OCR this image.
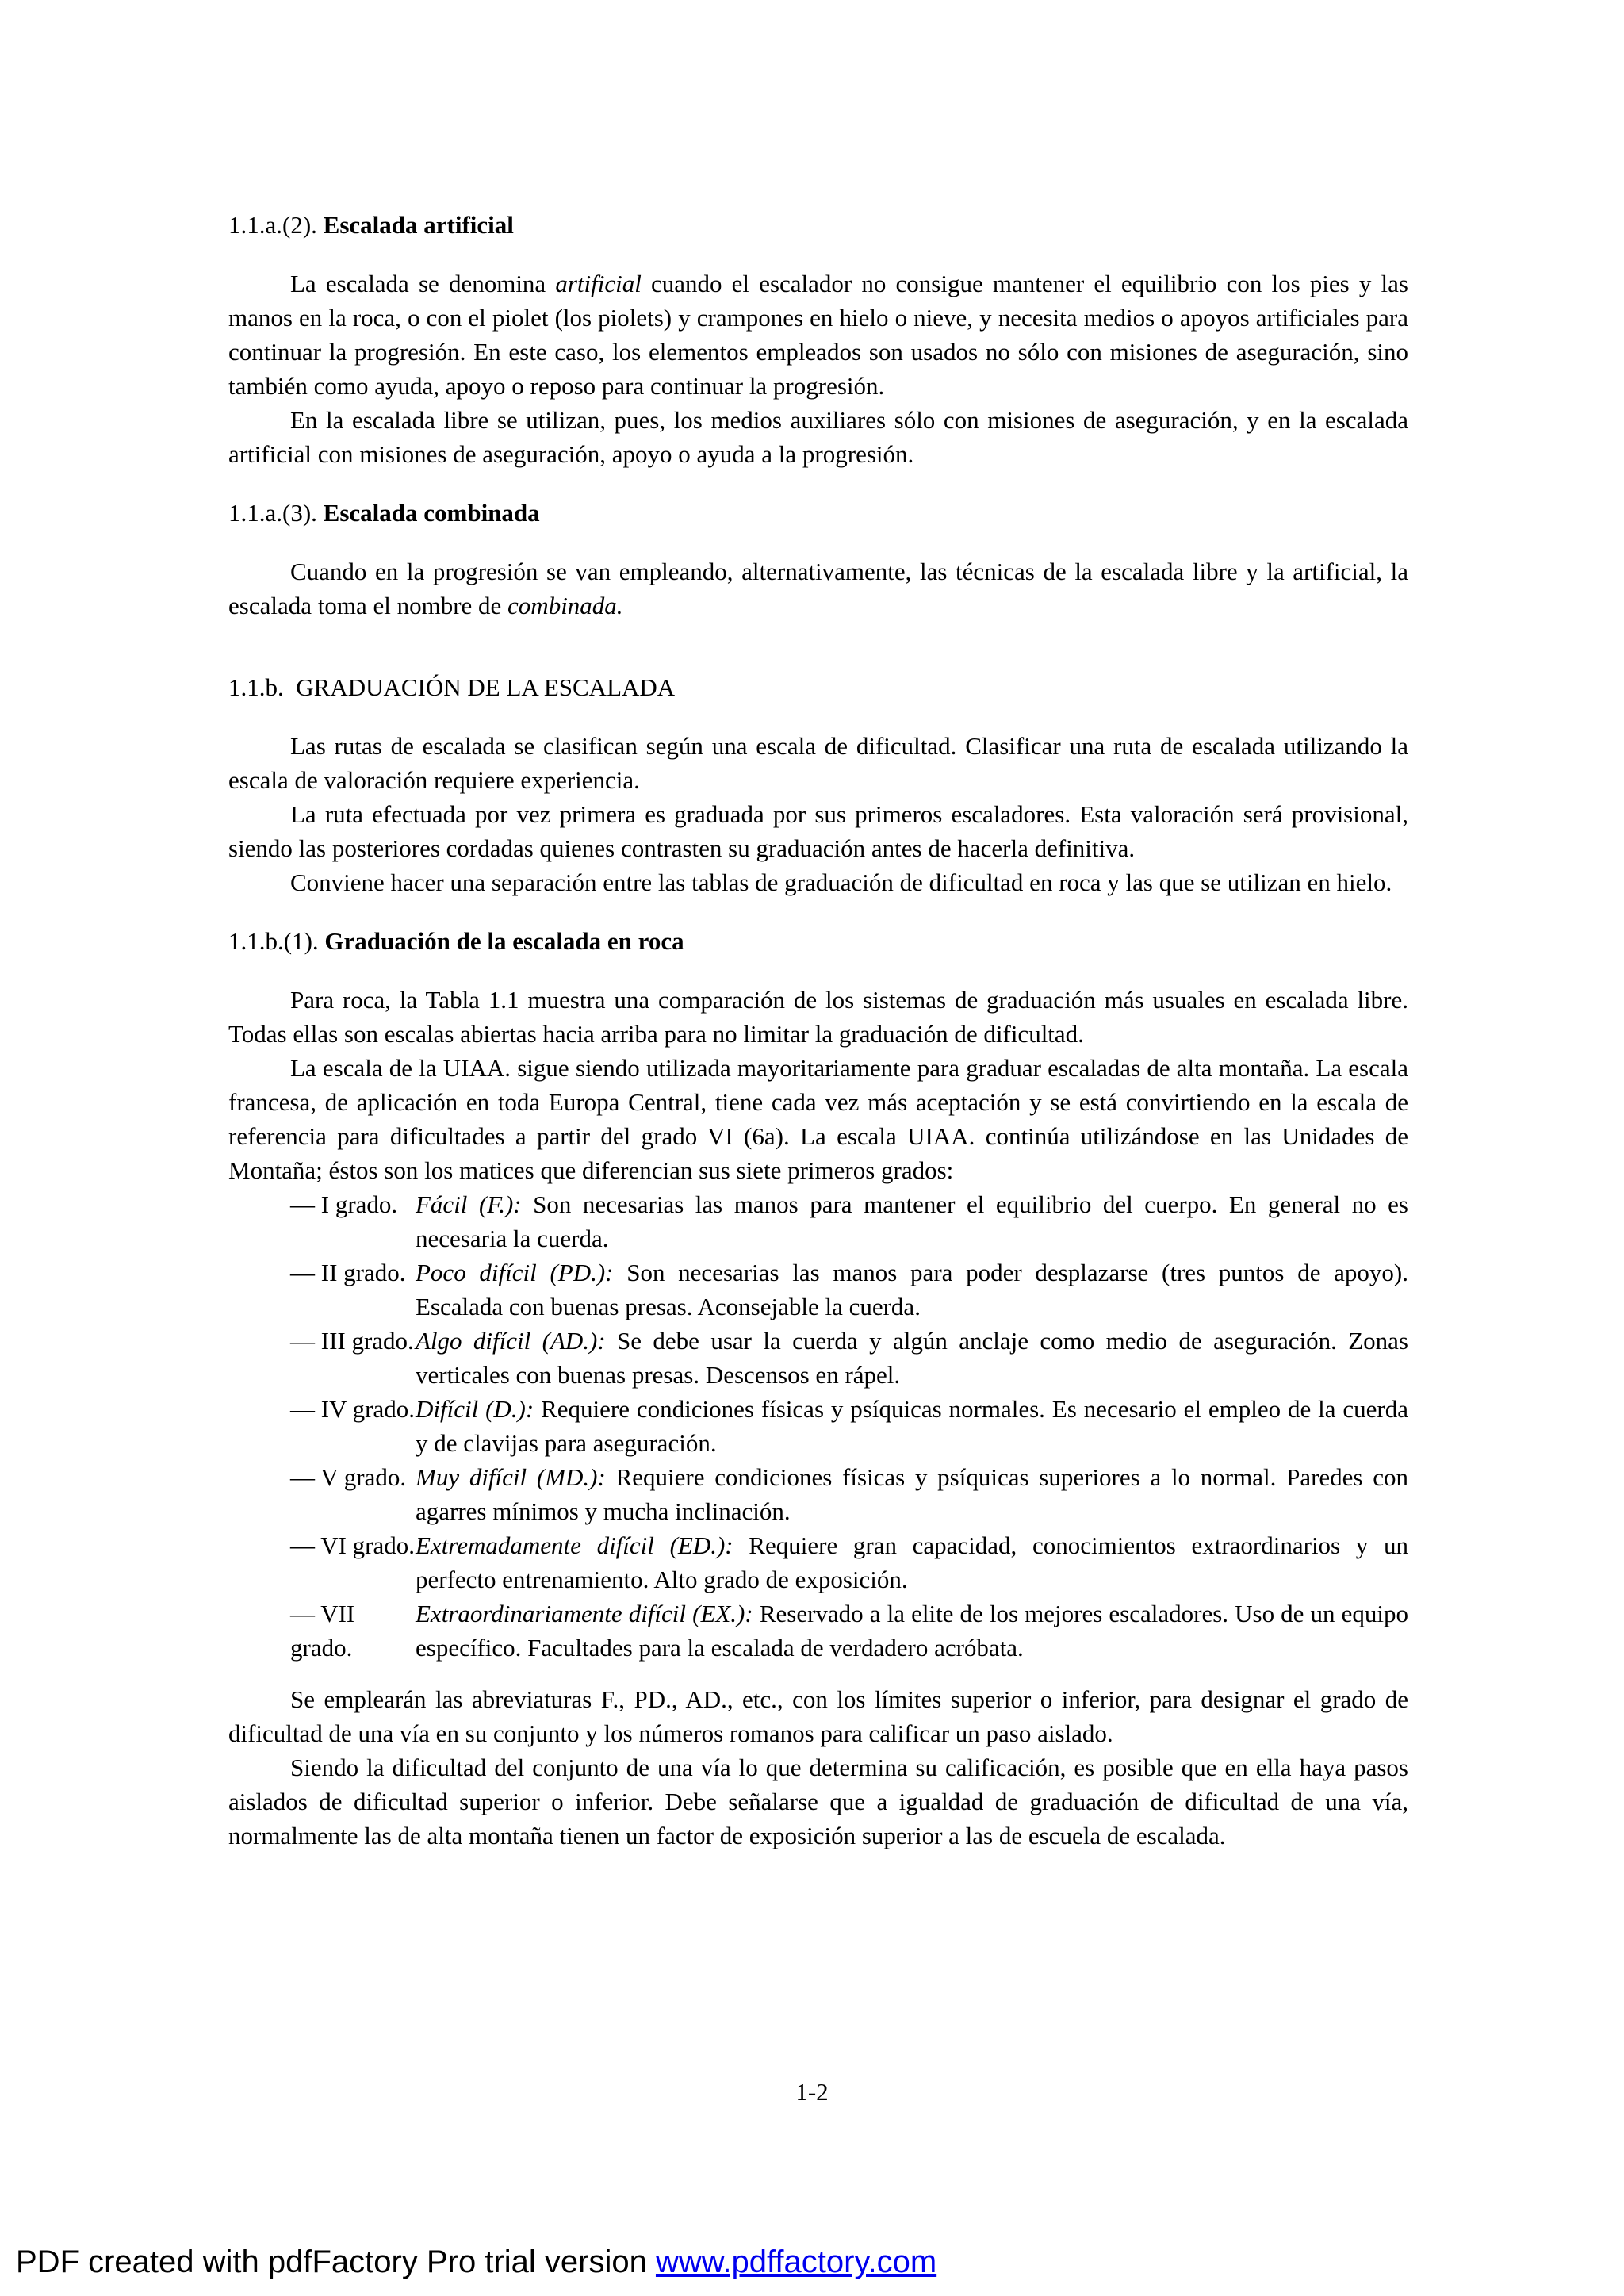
1.1.a.(2). Escalada artificial

La escalada se denomina artificial cuando el escalador no consigue mantener el equilibrio con los pies y las manos en la roca, o con el piolet (los piolets) y crampones en hielo o nieve, y necesita medios o apoyos artificiales para continuar la progresión. En este caso, los elementos empleados son usados no sólo con misiones de aseguración, sino también como ayuda, apoyo o reposo para continuar la progresión.

En la escalada libre se utilizan, pues, los medios auxiliares sólo con misiones de aseguración, y en la escalada artificial con misiones de aseguración, apoyo o ayuda a la progresión.

1.1.a.(3). Escalada combinada

Cuando en la progresión se van empleando, alternativamente, las técnicas de la escalada libre y la artificial, la escalada toma el nombre de combinada.

1.1.b.  GRADUACIÓN DE LA ESCALADA

Las rutas de escalada se clasifican según una escala de dificultad. Clasificar una ruta de escalada utilizando la escala de valoración requiere experiencia.

La ruta efectuada por vez primera es graduada por sus primeros escaladores. Esta valoración será provisional, siendo las posteriores cordadas quienes contrasten su graduación antes de hacerla definitiva.

Conviene hacer una separación entre las tablas de graduación de dificultad en roca y las que se utilizan en hielo.

1.1.b.(1). Graduación de la escalada en roca

Para roca, la Tabla 1.1 muestra una comparación de los sistemas de graduación más usuales en escalada libre. Todas ellas son escalas abiertas hacia arriba para no limitar la graduación de dificultad.

La escala de la UIAA. sigue siendo utilizada mayoritariamente para graduar escaladas de alta montaña. La escala francesa, de aplicación en toda Europa Central, tiene cada vez más aceptación y se está convirtiendo en la escala de referencia para dificultades a partir del grado VI (6a). La escala UIAA. continúa utilizándose en las Unidades de Montaña; éstos son los matices que diferencian sus siete primeros grados:

— I grado. Fácil (F.): Son necesarias las manos para mantener el equilibrio del cuerpo. En general no es necesaria la cuerda.
— II grado. Poco difícil (PD.): Son necesarias las manos para poder desplazarse (tres puntos de apoyo). Escalada con buenas presas. Aconsejable la cuerda.
— III grado. Algo difícil (AD.): Se debe usar la cuerda y algún anclaje como medio de aseguración. Zonas verticales con buenas presas. Descensos en rápel.
— IV grado. Difícil (D.): Requiere condiciones físicas y psíquicas normales. Es necesario el empleo de la cuerda y de clavijas para aseguración.
— V grado. Muy difícil (MD.): Requiere condiciones físicas y psíquicas superiores a lo normal. Paredes con agarres mínimos y mucha inclinación.
— VI grado. Extremadamente difícil (ED.): Requiere gran capacidad, conocimientos extraordinarios y un perfecto entrenamiento. Alto grado de exposición.
— VII grado.
Extraordinariamente difícil (EX.): Reservado a la elite de los mejores escaladores. Uso de un equipo específico. Facultades para la escalada de verdadero acróbata.

Se emplearán las abreviaturas F., PD., AD., etc., con los límites superior o inferior, para designar el grado de dificultad de una vía en su conjunto y los números romanos para calificar un paso aislado.

Siendo la dificultad del conjunto de una vía lo que determina su calificación, es posible que en ella haya pasos aislados de dificultad superior o inferior. Debe señalarse que a igualdad de graduación de dificultad de una vía, normalmente las de alta montaña tienen un factor de exposición superior a las de escuela de escalada.

1-2
PDF created with pdfFactory Pro trial version www.pdffactory.com
